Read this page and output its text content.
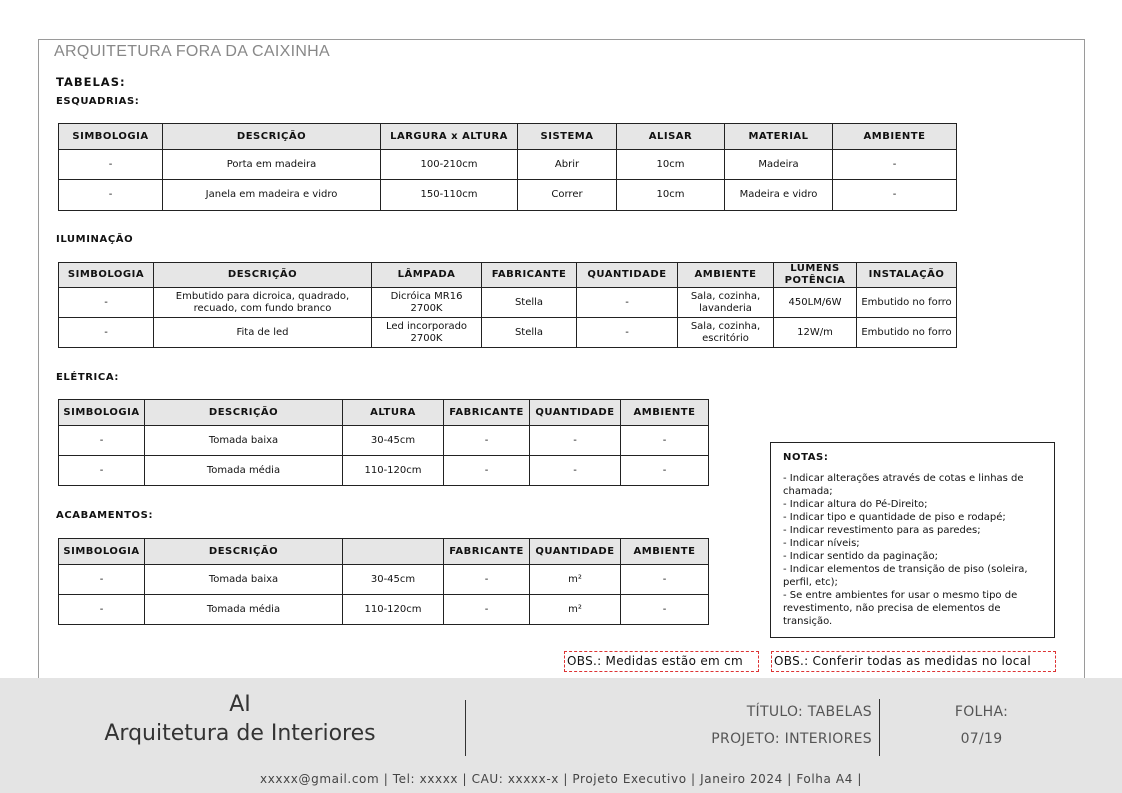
ARQUITETURA FORA DA CAIXINHA
TABELAS:
ESQUADRIAS:
SIMBOLOGIA	DESCRIÇÃO	LARGURA x ALTURA	SISTEMA	ALISAR	MATERIAL	AMBIENTE
-	Porta em madeira	100-210cm	Abrir	10cm	Madeira	-
-	Janela em madeira e vidro	150-110cm	Correr	10cm	Madeira e vidro	-
ILUMINAÇÃO
SIMBOLOGIA	DESCRIÇÃO	LÂMPADA	FABRICANTE	QUANTIDADE	AMBIENTE	LUMENS POTÊNCIA	INSTALAÇÃO
-	Embutido para dicroica, quadrado, recuado, com fundo branco	Dicróica MR16 2700K	Stella	-	Sala, cozinha, lavanderia	450LM/6W	Embutido no forro
-	Fita de led	Led incorporado 2700K	Stella	-	Sala, cozinha, escritório	12W/m	Embutido no forro
ELÉTRICA:
SIMBOLOGIA	DESCRIÇÃO	ALTURA	FABRICANTE	QUANTIDADE	AMBIENTE
-	Tomada baixa	30-45cm	-	-	-
-	Tomada média	110-120cm	-	-	-
ACABAMENTOS:
SIMBOLOGIA	DESCRIÇÃO		FABRICANTE	QUANTIDADE	AMBIENTE
-	Tomada baixa	30-45cm	-	m²	-
-	Tomada média	110-120cm	-	m²	-
NOTAS:
- Indicar alterações através de cotas e linhas de chamada;
- Indicar altura do Pé-Direito;
- Indicar tipo e quantidade de piso e rodapé;
- Indicar revestimento para as paredes;
- Indicar níveis;
- Indicar sentido da paginação;
- Indicar elementos de transição de piso (soleira, perfil, etc);
- Se entre ambientes for usar o mesmo tipo de revestimento, não precisa de elementos de transição.
OBS.: Medidas estão em cm	OBS.: Conferir todas as medidas no local
AI
Arquitetura de Interiores
TÍTULO: TABELAS
PROJETO: INTERIORES
FOLHA:
07/19
xxxxx@gmail.com | Tel: xxxxx | CAU: xxxxx-x | Projeto Executivo | Janeiro 2024 | Folha A4 |
